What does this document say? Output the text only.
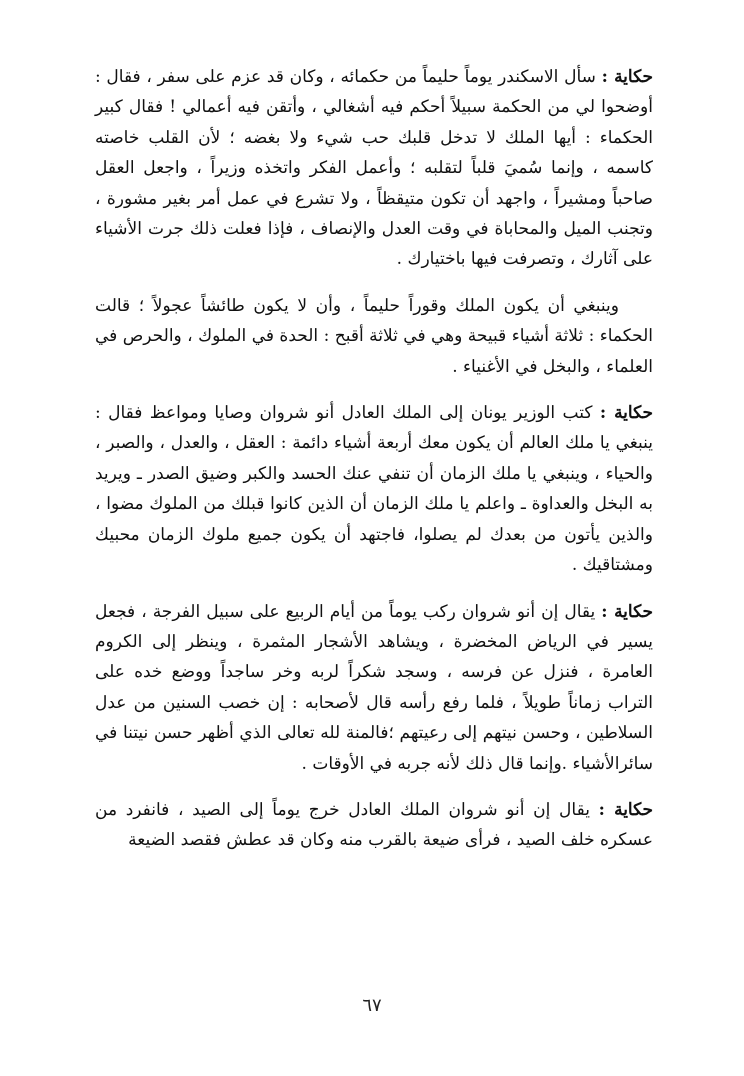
حكاية : سأل الاسكندر يوماً حليماً من حكمائه ، وكان قد عزم على سفر ، فقال : أوضحوا لي من الحكمة سبيلاً أحكم فيه أشغالي ، وأتقن فيه أعمالي ! فقال كبير الحكماء : أيها الملك لا تدخل قلبك حب شيء ولا بغضه ؛ لأن القلب خاصته كاسمه ، وإنما سُميَ قلباً لتقلبه ؛ وأعمل الفكر واتخذه وزيراً ، واجعل العقل صاحباً ومشيراً ، واجهد أن تكون متيقظاً ، ولا تشرع في عمل أمر بغير مشورة ، وتجنب الميل والمحاباة في وقت العدل والإنصاف ، فإذا فعلت ذلك جرت الأشياء على آثارك ، وتصرفت فيها باختيارك .

وينبغي أن يكون الملك وقوراً حليماً ، وأن لا يكون طائشاً عجولاً ؛ قالت الحكماء : ثلاثة أشياء قبيحة وهي في ثلاثة أقبح : الحدة في الملوك ، والحرص في العلماء ، والبخل في الأغنياء .

حكاية : كتب الوزير يونان إلى الملك العادل أنو شروان وصايا ومواعظ فقال : ينبغي يا ملك العالم أن يكون معك أربعة أشياء دائمة : العقل ، والعدل ، والصبر ، والحياء ، وينبغي يا ملك الزمان أن تنفي عنك الحسد والكبر وضيق الصدر ـ ويريد به البخل والعداوة ـ واعلم يا ملك الزمان أن الذين كانوا قبلك من الملوك مضوا ، والذين يأتون من بعدك لم يصلوا، فاجتهد أن يكون جميع ملوك الزمان محبيك ومشتاقيك .

حكاية : يقال إن أنو شروان ركب يوماً من أيام الربيع على سبيل الفرجة ، فجعل يسير في الرياض المخضرة ، ويشاهد الأشجار المثمرة ، وينظر إلى الكروم العامرة ، فنزل عن فرسه ، وسجد شكراً لربه وخر ساجداً ووضع خده على التراب زماناً طويلاً ، فلما رفع رأسه قال لأصحابه : إن خصب السنين من عدل السلاطين ، وحسن نيتهم إلى رعيتهم ؛فالمنة لله تعالى الذي أظهر حسن نيتنا في سائرالأشياء .وإنما قال ذلك لأنه جربه في الأوقات .

حكاية : يقال إن أنو شروان الملك العادل خرج يوماً إلى الصيد ، فانفرد من عسكره خلف الصيد ، فرأى ضيعة بالقرب منه وكان قد عطش فقصد الضيعة

٦٧
